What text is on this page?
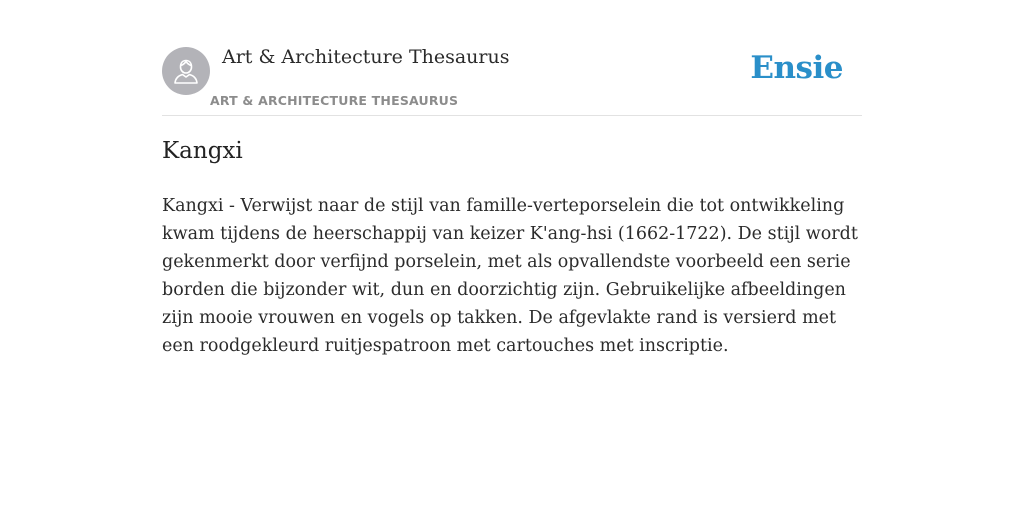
Art & Architecture Thesaurus
ART & ARCHITECTURE THESAURUS
Ensie
Kangxi

Kangxi - Verwijst naar de stijl van famille-verteporselein die tot ontwikkeling kwam tijdens de heerschappij van keizer K'ang-hsi (1662-1722). De stijl wordt gekenmerkt door verfijnd porselein, met als opvallendste voorbeeld een serie borden die bijzonder wit, dun en doorzichtig zijn. Gebruikelijke afbeeldingen zijn mooie vrouwen en vogels op takken. De afgevlakte rand is versierd met een roodgekleurd ruitjespatroon met cartouches met inscriptie.
